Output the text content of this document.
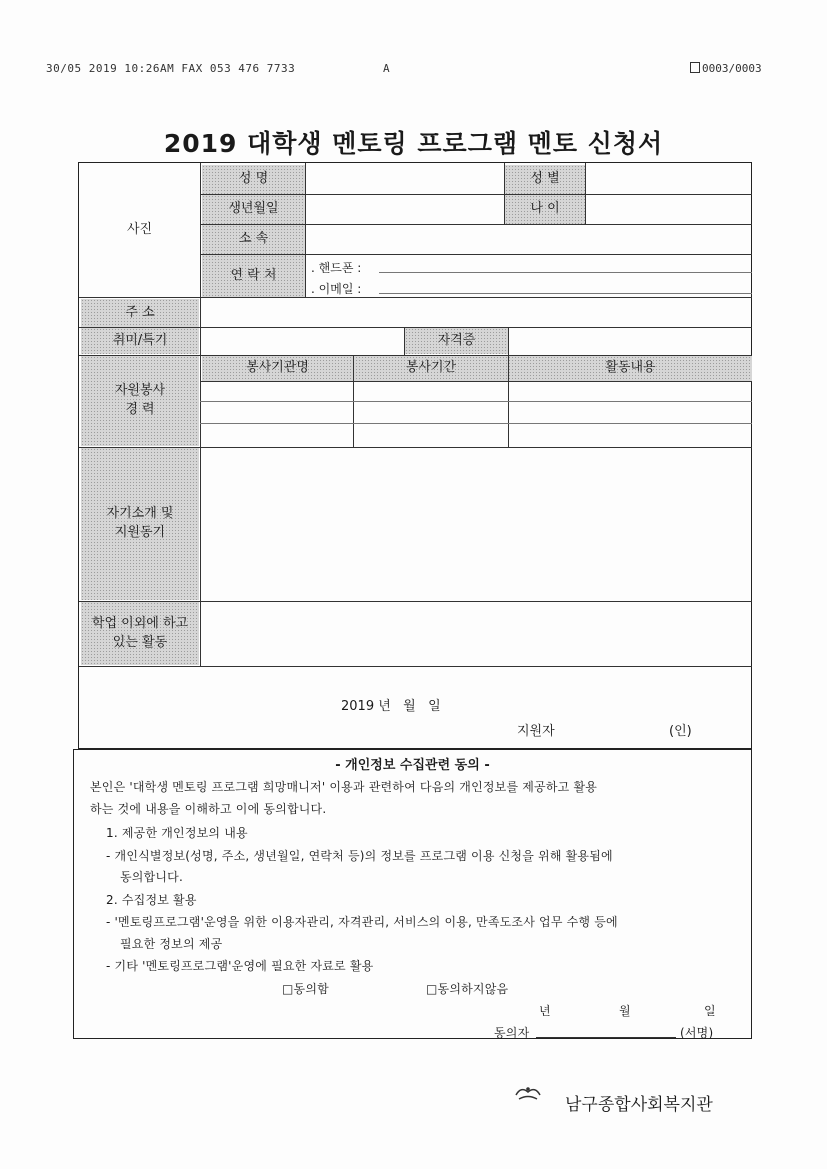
30/05 2019 10:26AM FAX 053 476 7733	A	0003/0003
2019 대학생 멘토링 프로그램 멘토 신청서
사진
성 명	성 별
생년월일	나 이
소 속
연 락 처	. 핸드폰 :
. 이메일 :
주 소
취미/특기	자격증
자원봉사
경 력
봉사기관명	봉사기간	활동내용
자기소개 및
지원동기
학업 이외에 하고
있는 활동
2019 년   월   일
지원자	(인)
- 개인정보 수집관련 동의 -
본인은 '대학생 멘토링 프로그램 희망매니저' 이용과 관련하여 다음의 개인정보를 제공하고 활용
하는 것에 내용을 이해하고 이에 동의합니다.
1. 제공한 개인정보의 내용
- 개인식별정보(성명, 주소, 생년월일, 연락처 등)의 정보를 프로그램 이용 신청을 위해 활용됨에
동의합니다.
2. 수집정보 활용
- '멘토링프로그램'운영을 위한 이용자관리, 자격관리, 서비스의 이용, 만족도조사 업무 수행 등에
필요한 정보의 제공
- 기타 '멘토링프로그램'운영에 필요한 자료로 활용
□동의함	□동의하지않음
년	월	일
동의자	(서명)
남구종합사회복지관
